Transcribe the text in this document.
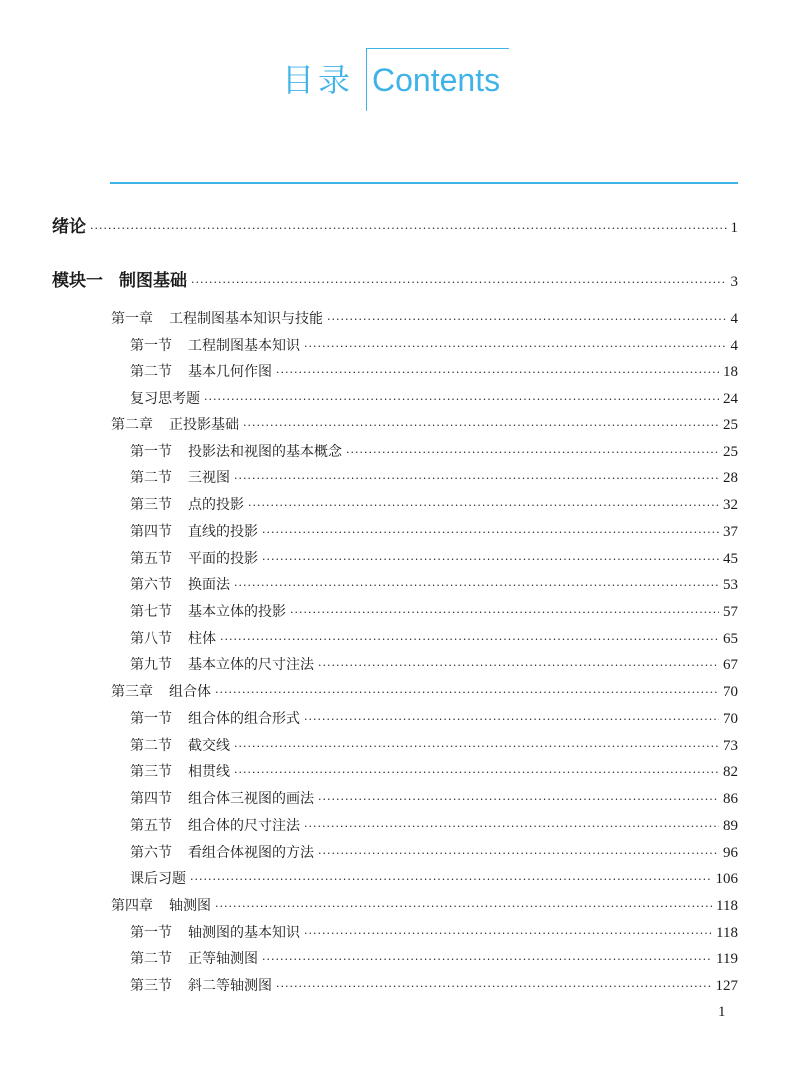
目录 Contents
绪论 ·····	1
模块一 制图基础 ·····	3
第一章 工程制图基本知识与技能 ·····	4
第一节 工程制图基本知识 ·····	4
第二节 基本几何作图 ·····	18
复习思考题 ·····	24
第二章 正投影基础 ·····	25
第一节 投影法和视图的基本概念 ·····	25
第二节 三视图 ·····	28
第三节 点的投影 ·····	32
第四节 直线的投影 ·····	37
第五节 平面的投影 ·····	45
第六节 换面法 ·····	53
第七节 基本立体的投影 ·····	57
第八节 柱体 ·····	65
第九节 基本立体的尺寸注法 ·····	67
第三章 组合体 ·····	70
第一节 组合体的组合形式 ·····	70
第二节 截交线 ·····	73
第三节 相贯线 ·····	82
第四节 组合体三视图的画法 ·····	86
第五节 组合体的尺寸注法 ·····	89
第六节 看组合体视图的方法 ·····	96
课后习题 ·····	106
第四章 轴测图 ·····	118
第一节 轴测图的基本知识 ·····	118
第二节 正等轴测图 ·····	119
第三节 斜二等轴测图 ·····	127
1
